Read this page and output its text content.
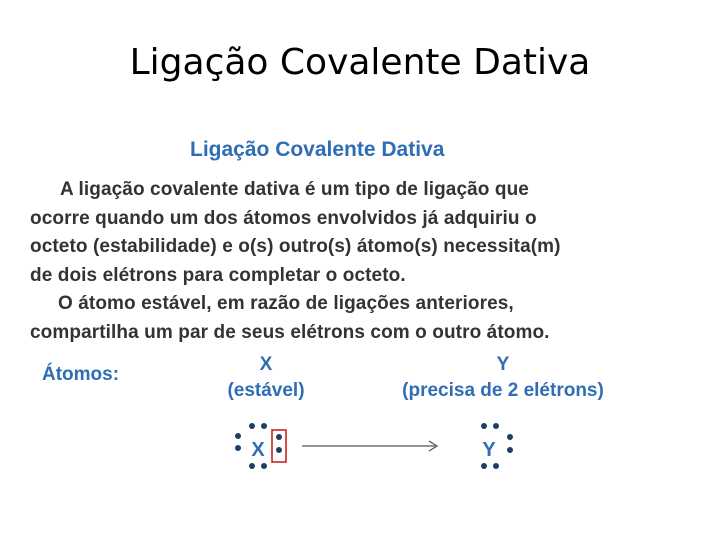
Ligação Covalente Dativa
Ligação Covalente Dativa

A ligação covalente dativa é um tipo de ligação que
ocorre quando um dos átomos envolvidos já adquiriu o
octeto (estabilidade) e o(s) outro(s) átomo(s) necessita(m)
de dois elétrons para completar o octeto.

O átomo estável, em razão de ligações anteriores,
compartilha um par de seus elétrons com o outro átomo.

Átomos:	X
(estável)
Y
(precisa de 2 elétrons)
X	Y
